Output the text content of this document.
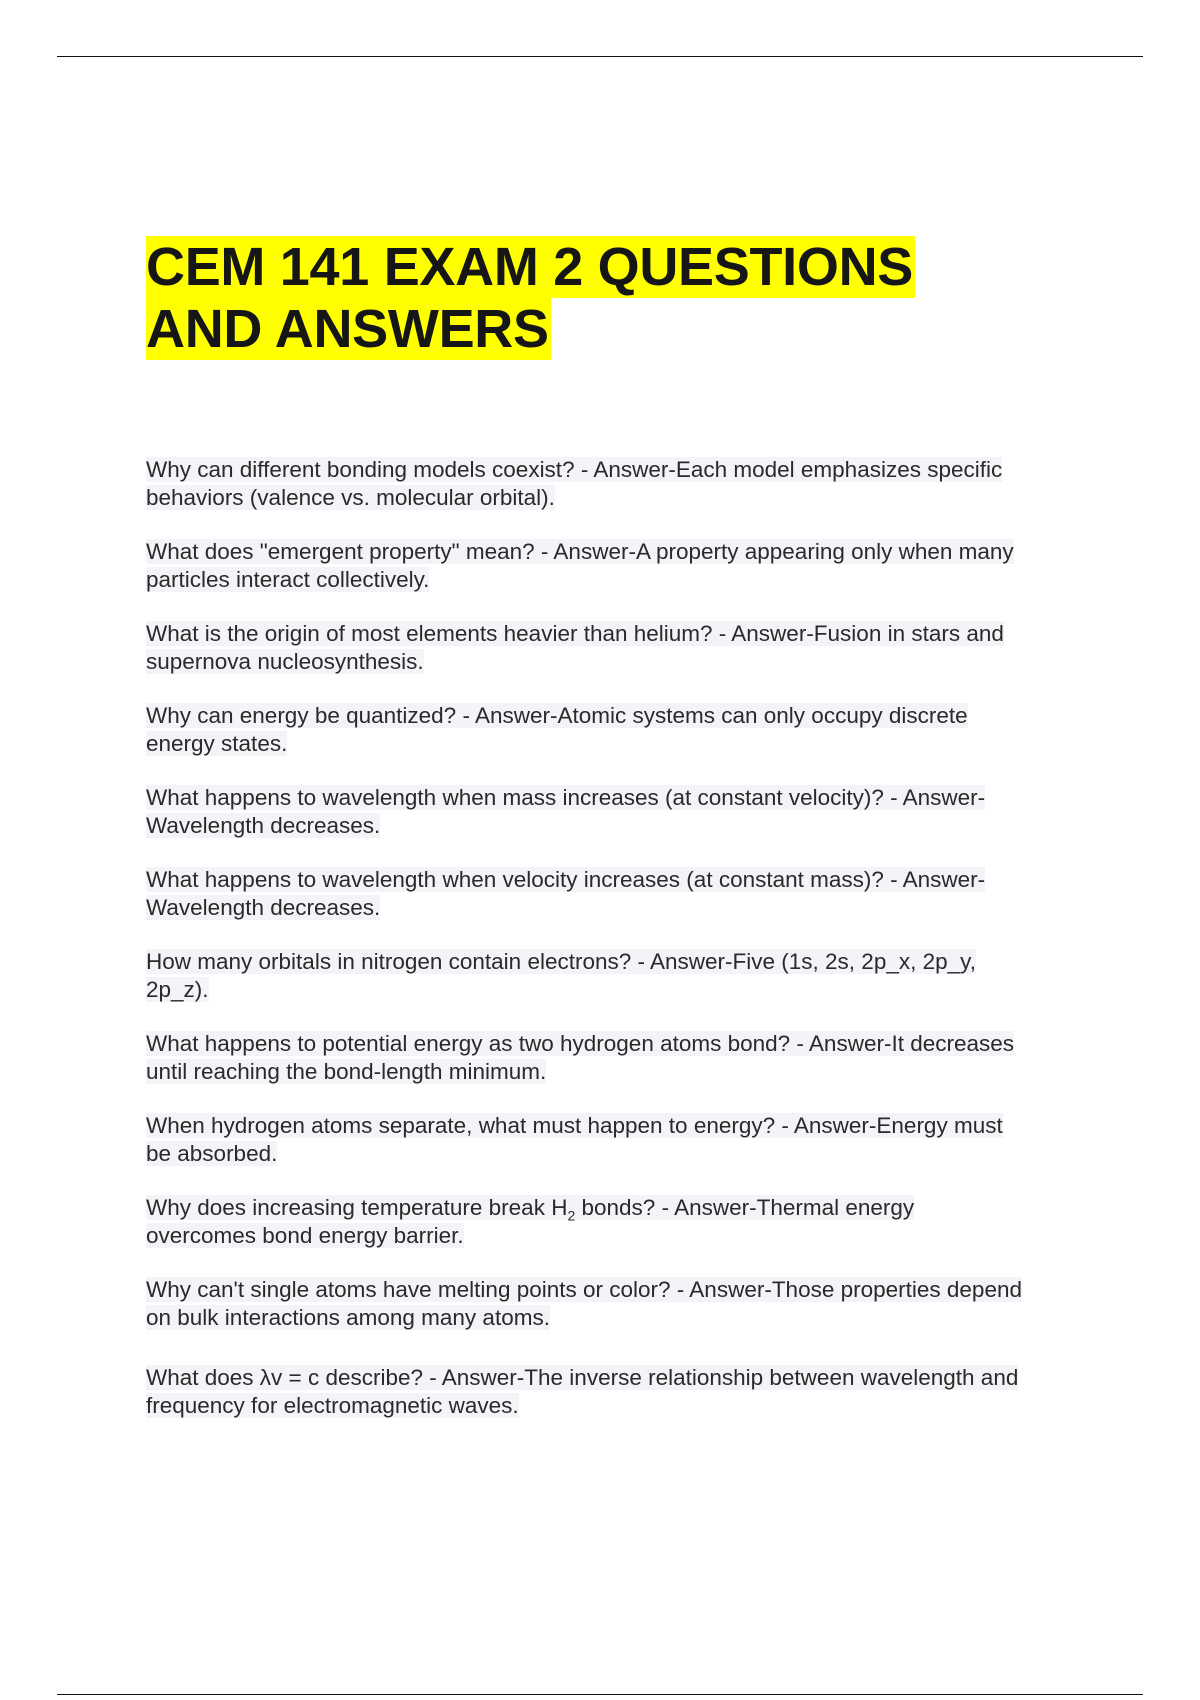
CEM 141 EXAM 2 QUESTIONS
AND ANSWERS

Why can different bonding models coexist? - Answer-Each model emphasizes specific
behaviors (valence vs. molecular orbital).

What does "emergent property" mean? - Answer-A property appearing only when many
particles interact collectively.

What is the origin of most elements heavier than helium? - Answer-Fusion in stars and
supernova nucleosynthesis.

Why can energy be quantized? - Answer-Atomic systems can only occupy discrete
energy states.

What happens to wavelength when mass increases (at constant velocity)? - Answer-
Wavelength decreases.

What happens to wavelength when velocity increases (at constant mass)? - Answer-
Wavelength decreases.

How many orbitals in nitrogen contain electrons? - Answer-Five (1s, 2s, 2p_x, 2p_y,
2p_z).

What happens to potential energy as two hydrogen atoms bond? - Answer-It decreases
until reaching the bond-length minimum.

When hydrogen atoms separate, what must happen to energy? - Answer-Energy must
be absorbed.

Why does increasing temperature break $H_2$ bonds? - Answer-Thermal energy
overcomes bond energy barrier.

Why can't single atoms have melting points or color? - Answer-Those properties depend
on bulk interactions among many atoms.

What does λv = c describe? - Answer-The inverse relationship between wavelength and
frequency for electromagnetic waves.
